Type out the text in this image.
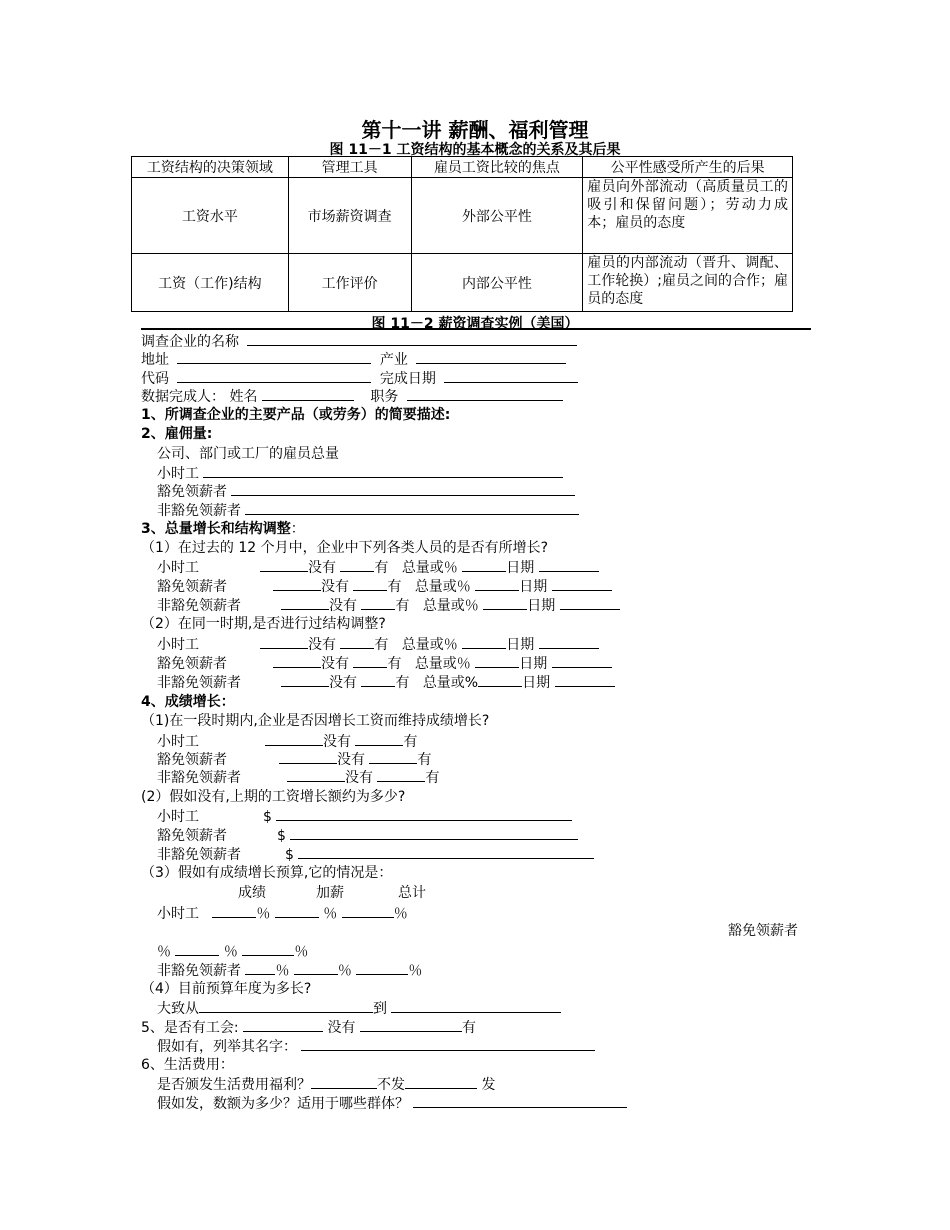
第十一讲 薪酬、福利管理
图 11－1 工资结构的基本概念的关系及其后果
工资结构的决策领域	管理工具	雇员工资比较的焦点	公平性感受所产生的后果
工资水平	市场薪资调查	外部公平性	雇员向外部流动（高质量员工的吸引和保留问题）；劳动力成本；雇员的态度
工资（工作)结构	工作评价	内部公平性	雇员的内部流动（晋升、调配、工作轮换）;雇员之间的合作；雇员的态度
图 11－2 薪资调查实例（美国）
调查企业的名称
地址	产业
代码	完成日期
数据完成人： 姓名	职务
1、所调查企业的主要产品（或劳务）的简要描述:
2、雇佣量:
公司、部门或工厂的雇员总量
小时工
豁免领薪者
非豁免领薪者
3、总量增长和结构调整：
（1）在过去的 12 个月中，企业中下列各类人员的是否有所增长?
小时工	没有	有 总量或％	日期
豁免领薪者	没有	有 总量或％	日期
非豁免领薪者	没有	有 总量或％	日期
（2）在同一时期,是否进行过结构调整?
小时工	没有	有 总量或％	日期
豁免领薪者	没有	有 总量或％	日期
非豁免领薪者	没有	有 总量或%	日期
4、成绩增长：
（1)在一段时期内,企业是否因增长工资而维持成绩增长?
小时工	没有	有
豁免领薪者	没有	有
非豁免领薪者	没有	有
(2）假如没有,上期的工资增长额约为多少?
小时工	$
豁免领薪者	$
非豁免领薪者	$
（3）假如有成绩增长预算,它的情况是：
成绩	加薪	总计
小时工	％	％	％
豁免领薪者
％	％	％
非豁免领薪者 ％	％	％
（4）目前预算年度为多长?
大致从	到
5、是否有工会:	没有	有
假如有，列举其名字：
6、生活费用：
是否颁发生活费用福利？	不发	发
假如发，数额为多少？适用于哪些群体？
